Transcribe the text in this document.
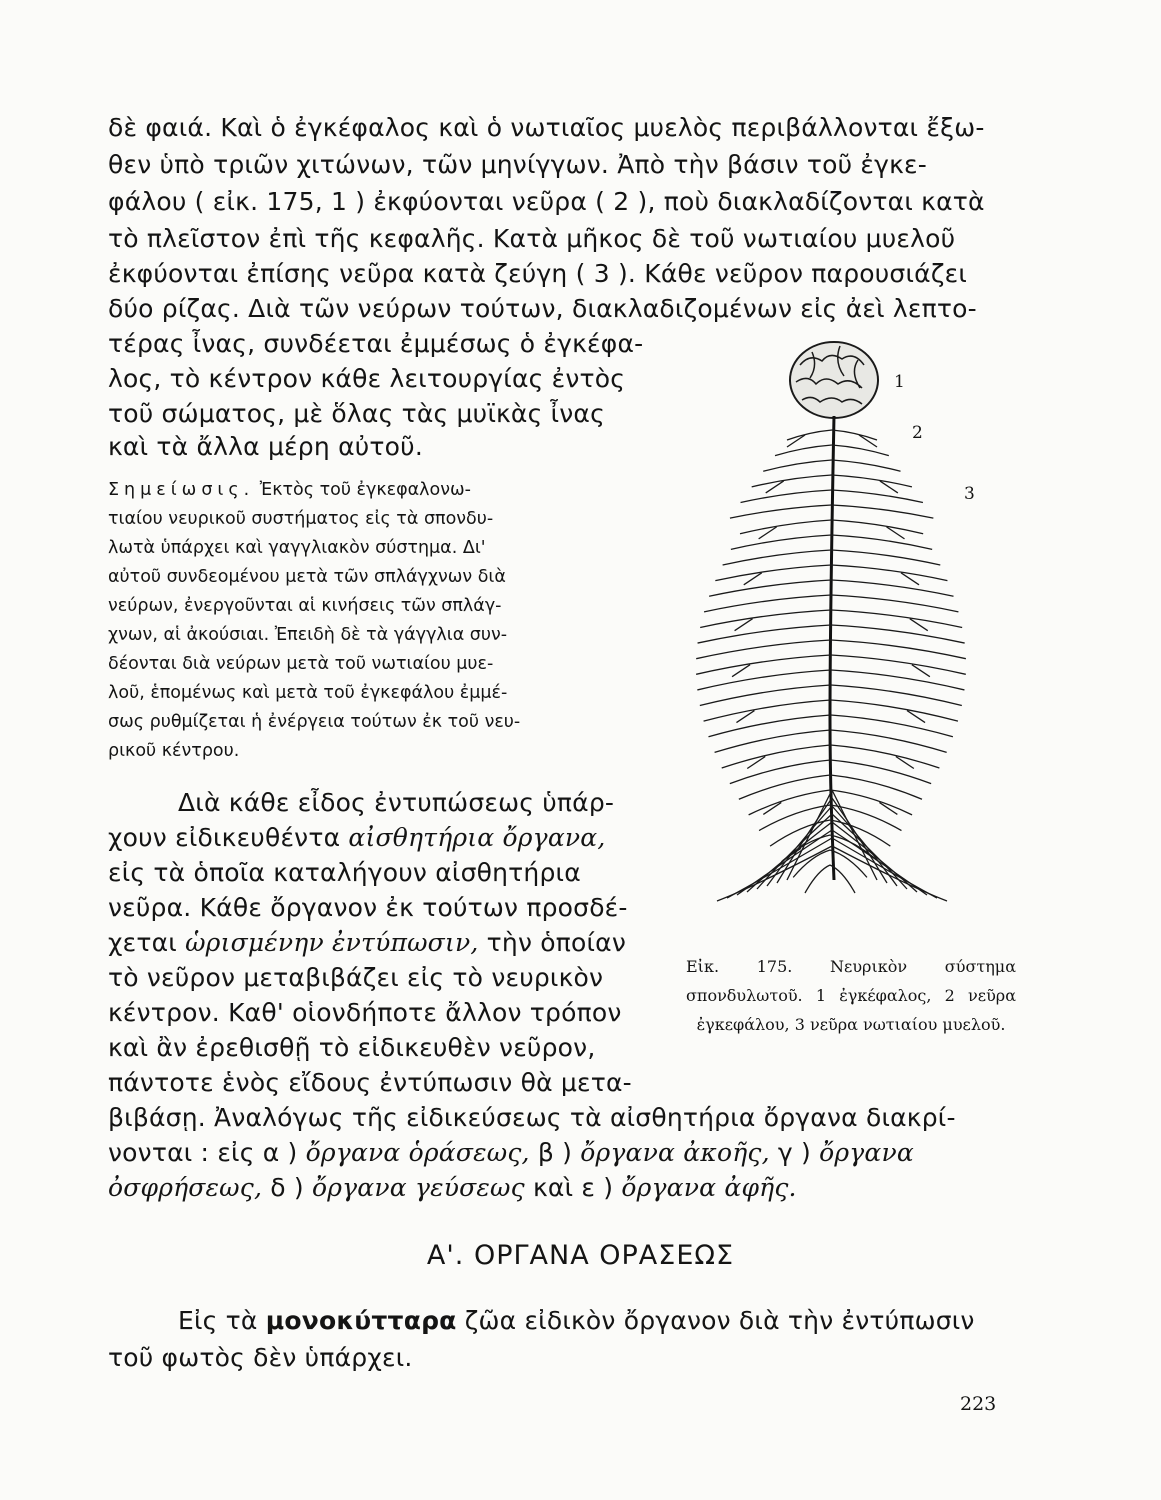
δὲ φαιά. Καὶ ὁ ἐγκέφαλος καὶ ὁ νωτιαῖος μυελὸς περιβάλλονται ἔξω-
θεν ὑπὸ τριῶν χιτώνων, τῶν μηνίγγων. Ἀπὸ τὴν βάσιν τοῦ ἐγκε-
φάλου ( εἰκ. 175, 1 ) ἐκφύονται νεῦρα ( 2 ), ποὺ διακλαδίζονται κατὰ
τὸ πλεῖστον ἐπὶ τῆς κεφαλῆς. Κατὰ μῆκος δὲ τοῦ νωτιαίου μυελοῦ
ἐκφύονται ἐπίσης νεῦρα κατὰ ζεύγη ( 3 ). Κάθε νεῦρον παρουσιάζει
δύο ρίζας. Διὰ τῶν νεύρων τούτων, διακλαδιζομένων εἰς ἀεὶ λεπτο-
τέρας ἶνας, συνδέεται ἐμμέσως ὁ ἐγκέφα-
λος, τὸ κέντρον κάθε λειτουργίας ἐντὸς
τοῦ σώματος, μὲ ὅλας τὰς μυϊκὰς ἶνας
καὶ τὰ ἄλλα μέρη αὐτοῦ.
Σημείωσις. Ἐκτὸς τοῦ ἐγκεφαλονω-
τιαίου νευρικοῦ συστήματος εἰς τὰ σπονδυ-
λωτὰ ὑπάρχει καὶ γαγγλιακὸν σύστημα. Δι'
αὐτοῦ συνδεομένου μετὰ τῶν σπλάγχνων διὰ
νεύρων, ἐνεργοῦνται αἱ κινήσεις τῶν σπλάγ-
χνων, αἱ ἀκούσιαι. Ἐπειδὴ δὲ τὰ γάγγλια συν-
δέονται διὰ νεύρων μετὰ τοῦ νωτιαίου μυε-
λοῦ, ἑπομένως καὶ μετὰ τοῦ ἐγκεφάλου ἐμμέ-
σως ρυθμίζεται ἡ ἐνέργεια τούτων ἐκ τοῦ νευ-
ρικοῦ κέντρου.
Διὰ κάθε εἶδος ἐντυπώσεως ὑπάρ-
χουν εἰδικευθέντα αἰσθητήρια ὄργανα,
εἰς τὰ ὁποῖα καταλήγουν αἰσθητήρια
νεῦρα. Κάθε ὄργανον ἐκ τούτων προσδέ-
χεται ὡρισμένην ἐντύπωσιν, τὴν ὁποίαν
τὸ νεῦρον μεταβιβάζει εἰς τὸ νευρικὸν
κέντρον. Καθ' οἱονδήποτε ἄλλον τρόπον
καὶ ἂν ἐρεθισθῇ τὸ εἰδικευθὲν νεῦρον,
πάντοτε ἑνὸς εἴδους ἐντύπωσιν θὰ μετα-
βιβάσῃ. Ἀναλόγως τῆς εἰδικεύσεως τὰ αἰσθητήρια ὄργανα διακρί-
νονται : εἰς α ) ὄργανα ὁράσεως, β ) ὄργανα ἀκοῆς, γ ) ὄργανα
ὀσφρήσεως, δ ) ὄργανα γεύσεως καὶ ε ) ὄργανα ἀφῆς.
1
2
3
Εἰκ. 175. Νευρικὸν σύστημα σπονδυλωτοῦ. 1 ἐγκέφαλος, 2 νεῦρα ἐγκεφάλου, 3 νεῦρα νωτιαίου μυελοῦ.
Α'. ΟΡΓΑΝΑ ΟΡΑΣΕΩΣ
Εἰς τὰ μονοκύτταρα ζῶα εἰδικὸν ὄργανον διὰ τὴν ἐντύπωσιν
τοῦ φωτὸς δὲν ὑπάρχει.
223
